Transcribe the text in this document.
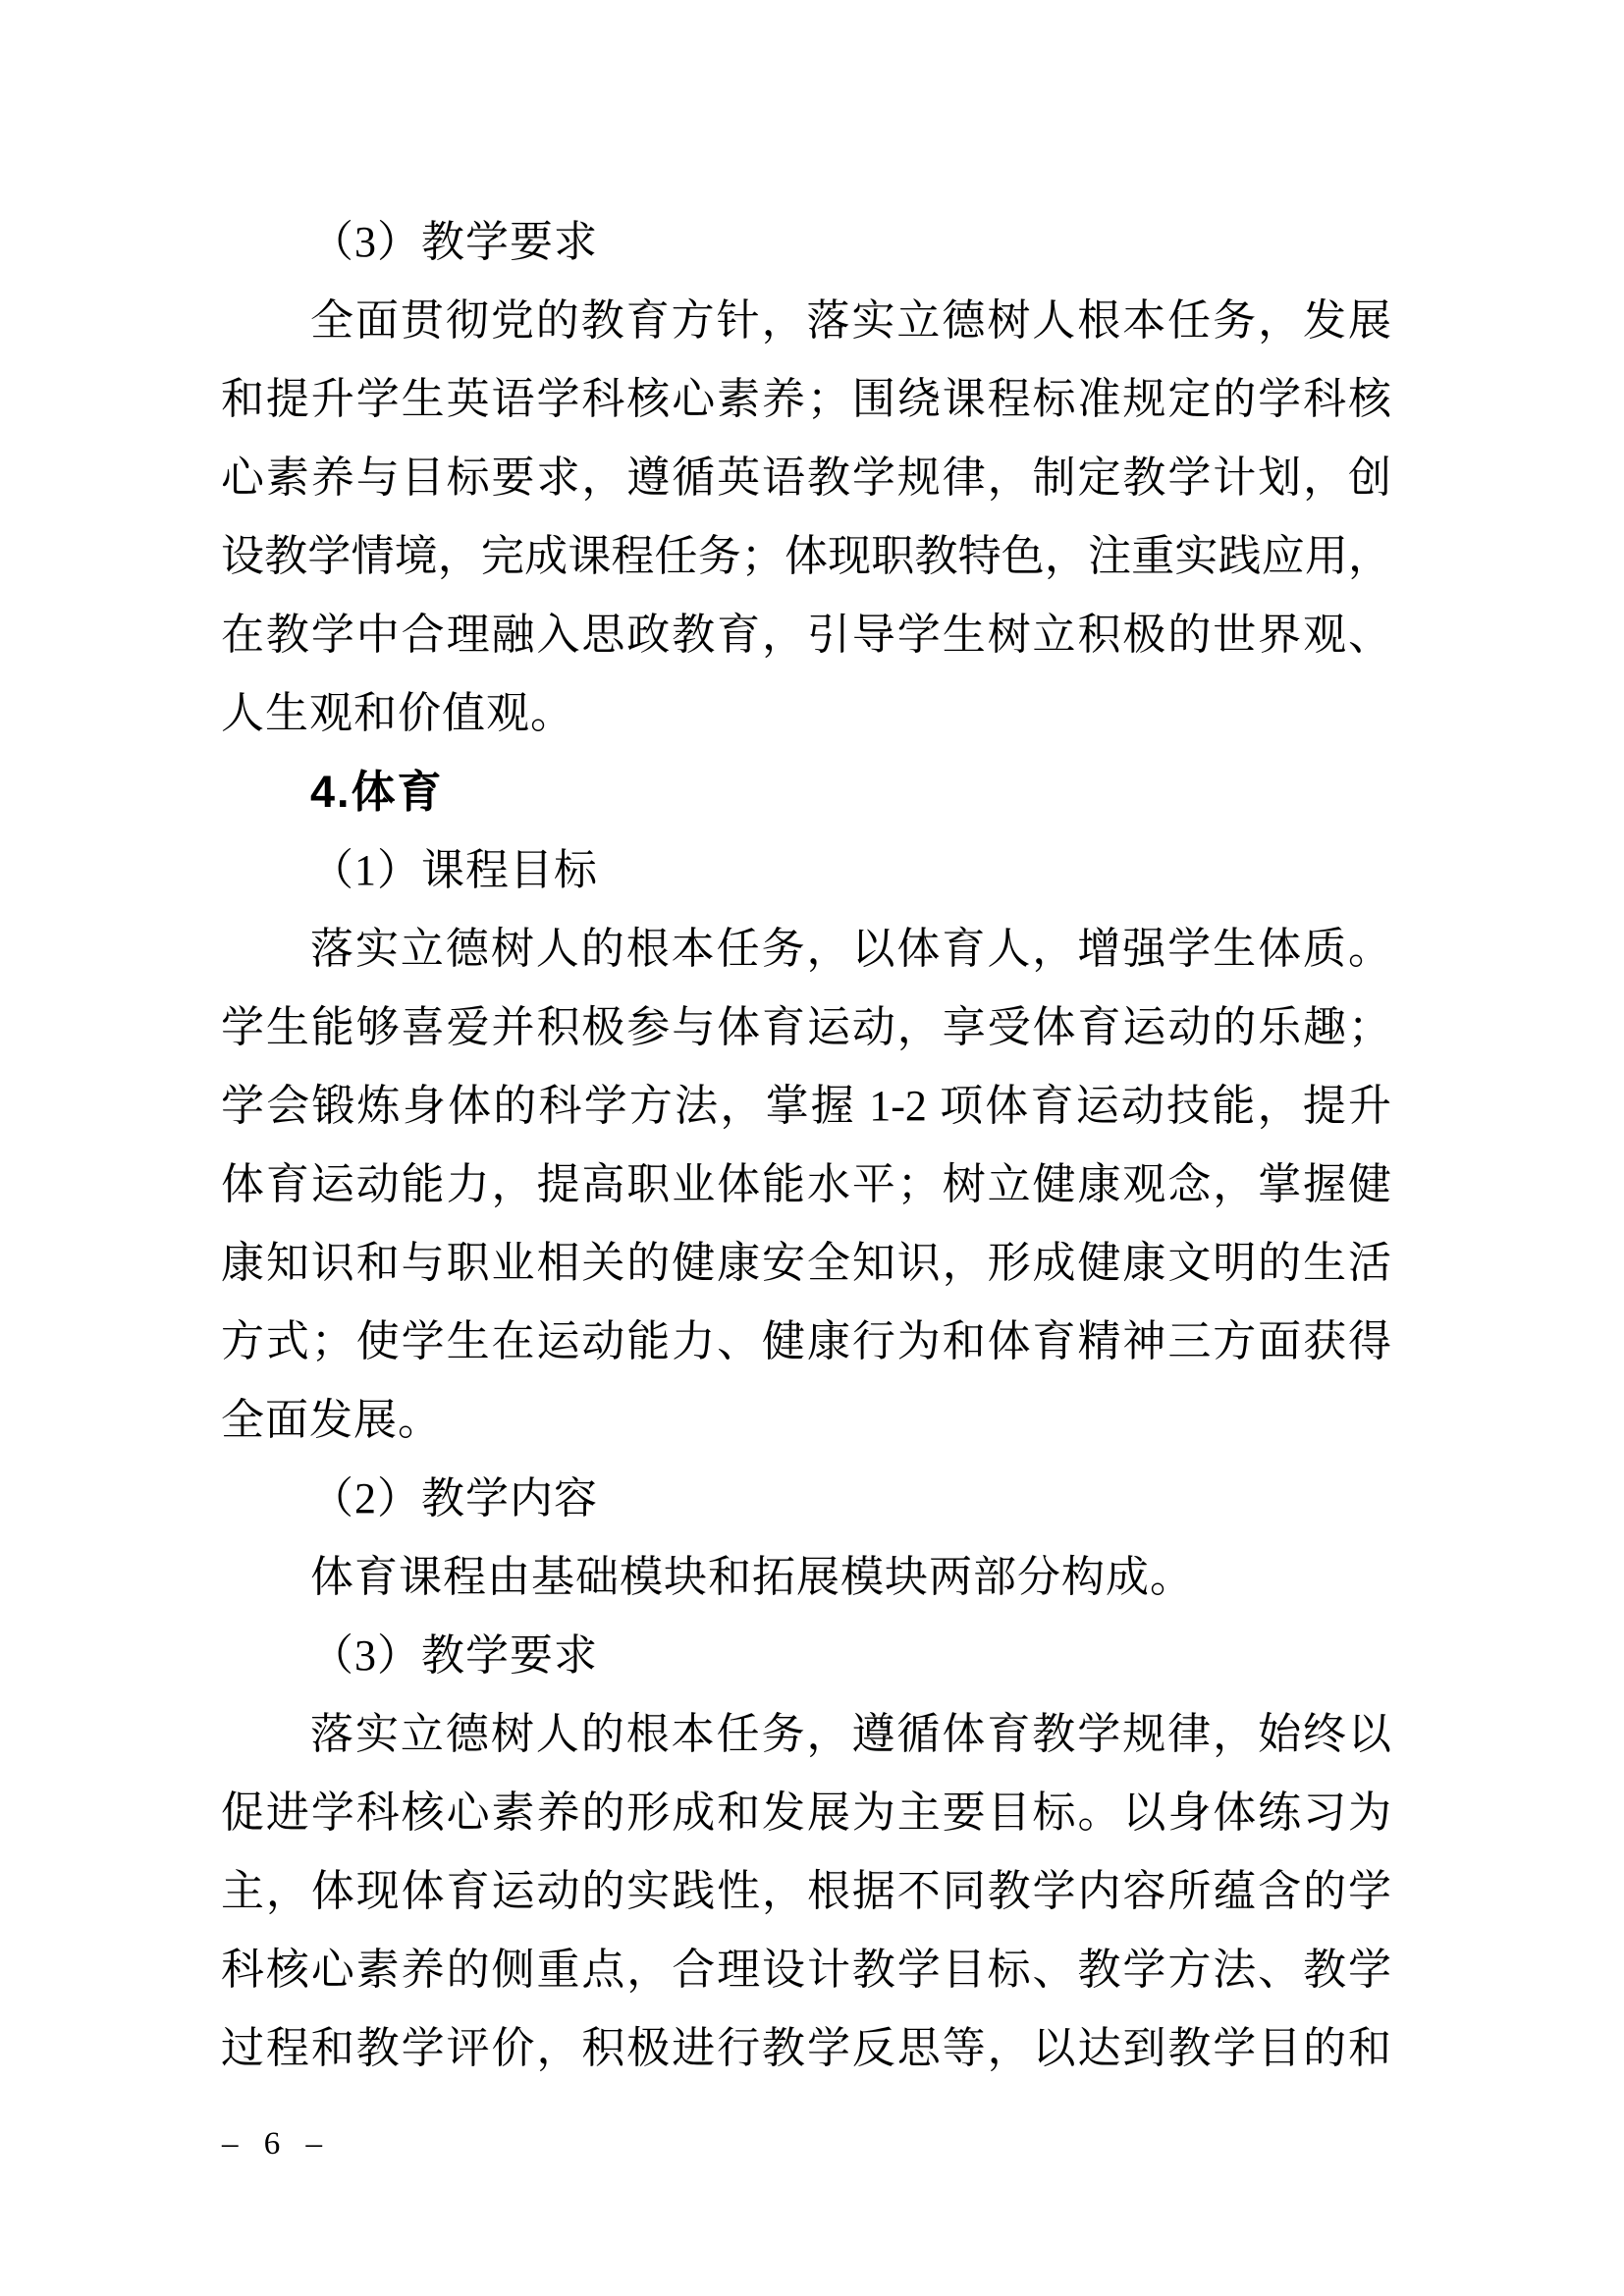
（3）教学要求
全面贯彻党的教育方针，落实立德树人根本任务，发展
和提升学生英语学科核心素养；围绕课程标准规定的学科核
心素养与目标要求，遵循英语教学规律，制定教学计划，创
设教学情境，完成课程任务；体现职教特色，注重实践应用，
在教学中合理融入思政教育，引导学生树立积极的世界观、
人生观和价值观。
4.体育
（1）课程目标
落实立德树人的根本任务，以体育人，增强学生体质。
学生能够喜爱并积极参与体育运动，享受体育运动的乐趣；
学会锻炼身体的科学方法，掌握 1-2 项体育运动技能，提升
体育运动能力，提高职业体能水平；树立健康观念，掌握健
康知识和与职业相关的健康安全知识，形成健康文明的生活
方式；使学生在运动能力、健康行为和体育精神三方面获得
全面发展。
（2）教学内容
体育课程由基础模块和拓展模块两部分构成。
（3）教学要求
落实立德树人的根本任务，遵循体育教学规律，始终以
促进学科核心素养的形成和发展为主要目标。以身体练习为
主，体现体育运动的实践性，根据不同教学内容所蕴含的学
科核心素养的侧重点，合理设计教学目标、教学方法、教学
过程和教学评价，积极进行教学反思等，以达到教学目的和
– 6 –
